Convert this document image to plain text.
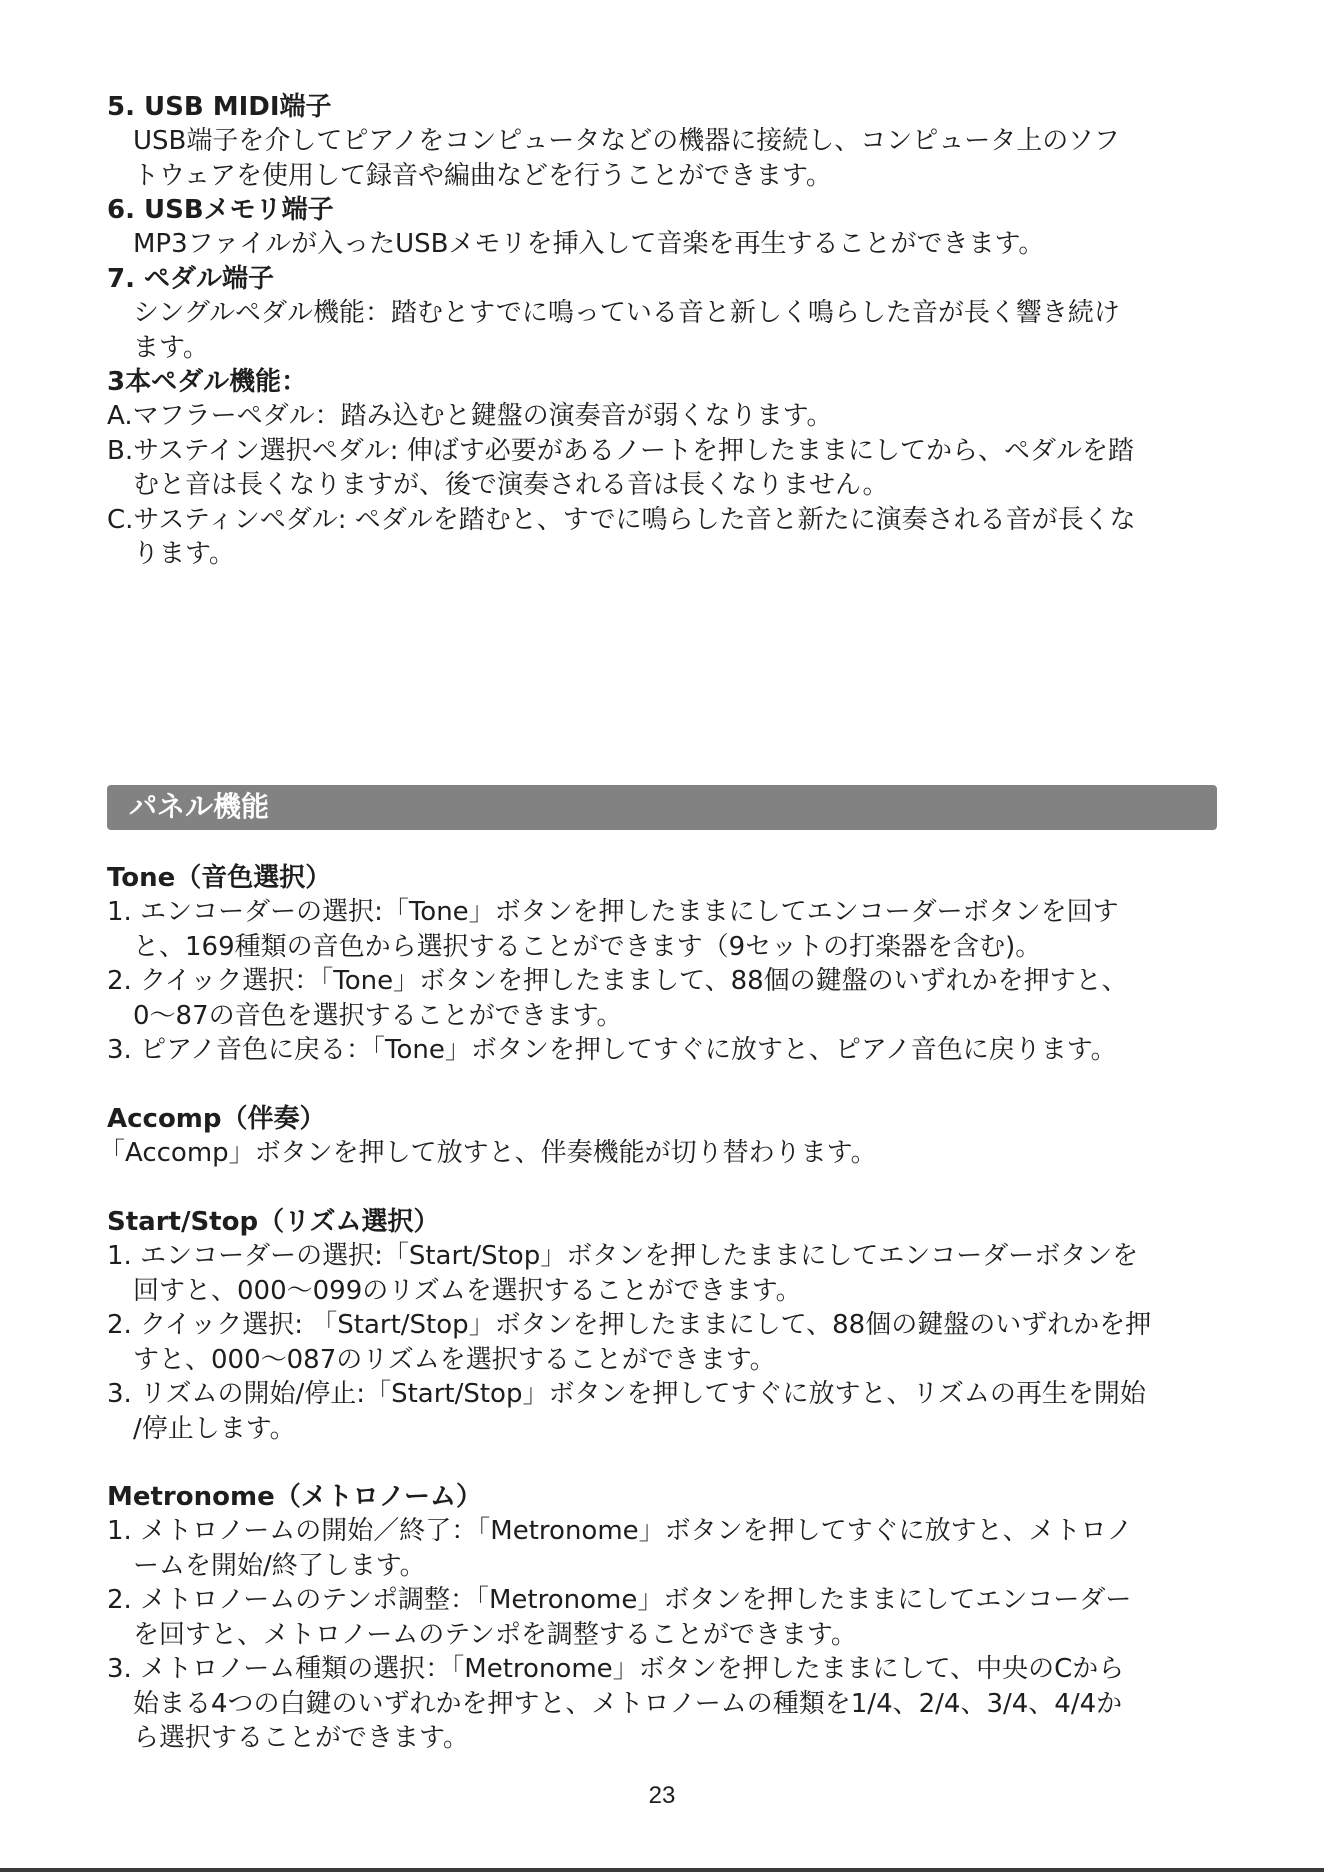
5. USB MIDI端子
USB端子を介してピアノをコンピュータなどの機器に接続し、コンピュータ上のソフ
トウェアを使用して録音や編曲などを行うことができます。
6. USBメモリ端子
MP3ファイルが入ったUSBメモリを挿入して音楽を再生することができます。
7. ペダル端子
シングルペダル機能：踏むとすでに鳴っている音と新しく鳴らした音が長く響き続け
ます。
3本ペダル機能：
A.マフラーペダル：踏み込むと鍵盤の演奏音が弱くなります。
B.サステイン選択ペダル: 伸ばす必要があるノートを押したままにしてから、ペダルを踏
むと音は長くなりますが、後で演奏される音は長くなりません。
C.サスティンペダル: ペダルを踏むと、すでに鳴らした音と新たに演奏される音が長くな
ります。
パネル機能
Tone（音色選択）
1. エンコーダーの選択:「Tone」ボタンを押したままにしてエンコーダーボタンを回す
と、169種類の音色から選択することができます（9セットの打楽器を含む)。
2. クイック選択：「Tone」ボタンを押したままして、88個の鍵盤のいずれかを押すと、
0〜87の音色を選択することができます。
3. ピアノ音色に戻る：「Tone」ボタンを押してすぐに放すと、ピアノ音色に戻ります。
Accomp（伴奏）
「Accomp」ボタンを押して放すと、伴奏機能が切り替わります。
Start/Stop（リズム選択）
1. エンコーダーの選択:「Start/Stop」ボタンを押したままにしてエンコーダーボタンを
回すと、000〜099のリズムを選択することができます。
2. クイック選択: 「Start/Stop」ボタンを押したままにして、88個の鍵盤のいずれかを押
すと、000〜087のリズムを選択することができます。
3. リズムの開始/停止:「Start/Stop」ボタンを押してすぐに放すと、リズムの再生を開始
/停止します。
Metronome（メトロノーム）
1. メトロノームの開始／終了：「Metronome」ボタンを押してすぐに放すと、メトロノ
ームを開始/終了します。
2. メトロノームのテンポ調整：「Metronome」ボタンを押したままにしてエンコーダー
を回すと、メトロノームのテンポを調整することができます。
3. メトロノーム種類の選択：「Metronome」ボタンを押したままにして、中央のCから
始まる4つの白鍵のいずれかを押すと、メトロノームの種類を1/4、2/4、3/4、4/4か
ら選択することができます。
23
